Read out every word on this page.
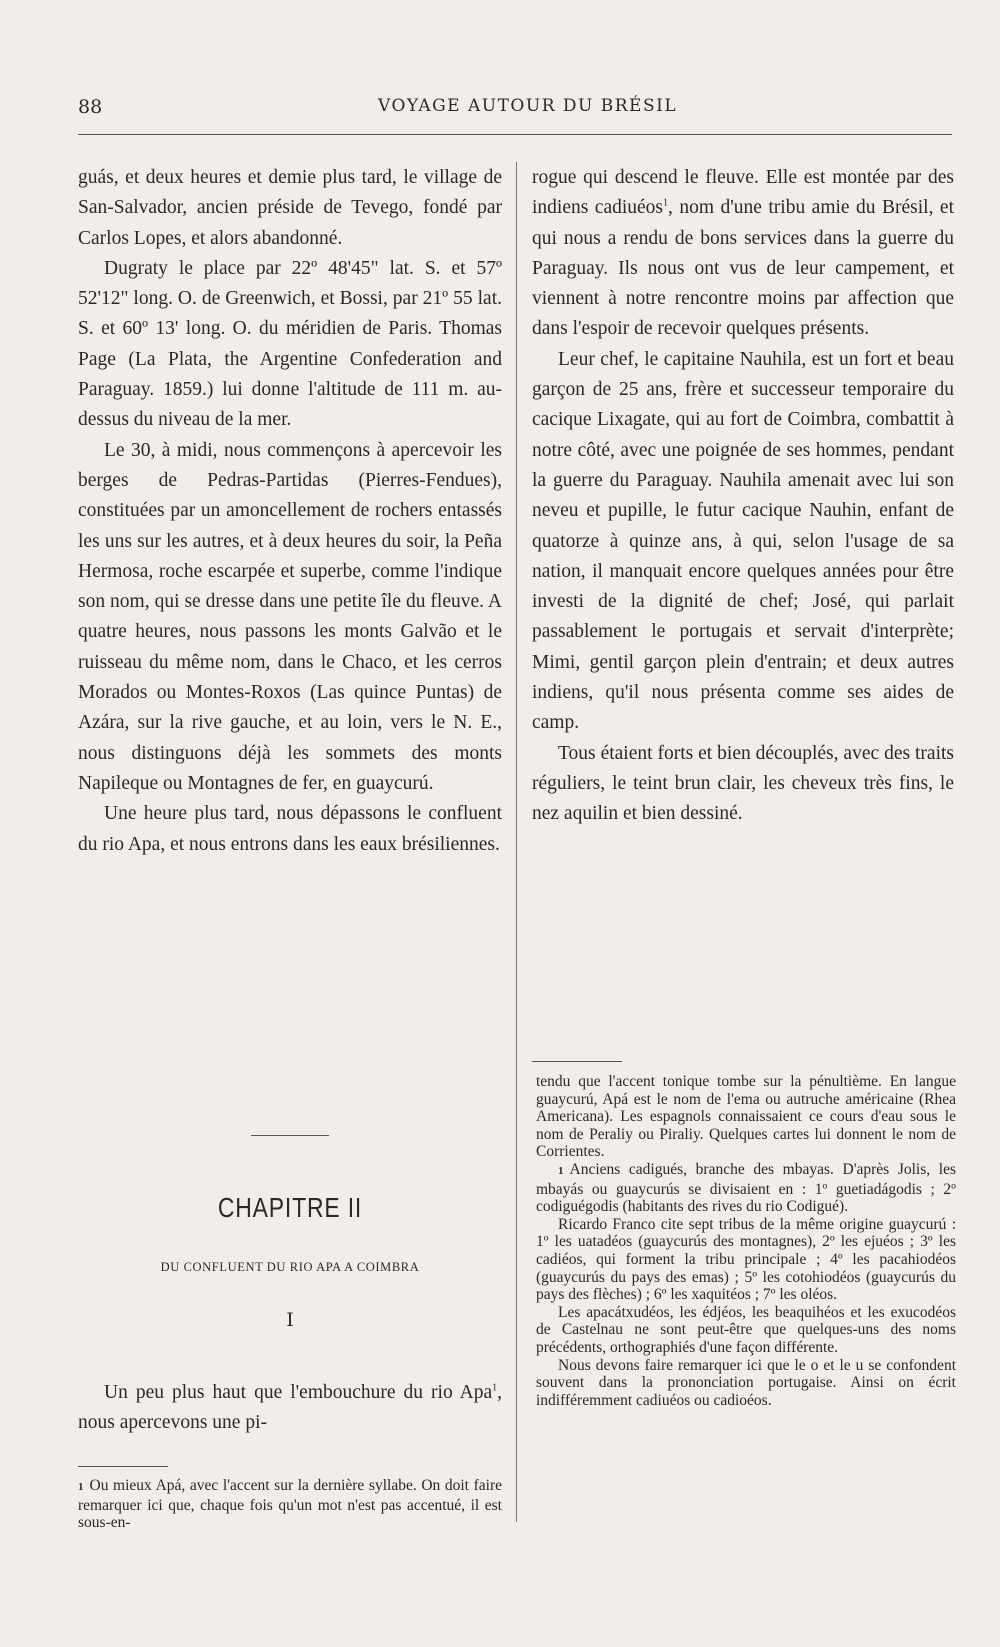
88	VOYAGE AUTOUR DU BRÉSIL

guás, et deux heures et demie plus tard, le village de San-Salvador, ancien préside de Tevego, fondé par Carlos Lopes, et alors abandonné.

Dugraty le place par 22º 48'45" lat. S. et 57º 52'12" long. O. de Greenwich, et Bossi, par 21º 55 lat. S. et 60º 13' long. O. du méridien de Paris. Thomas Page (La Plata, the Argentine Confederation and Paraguay. 1859.) lui donne l'altitude de 111 m. au-dessus du niveau de la mer.

Le 30, à midi, nous commençons à apercevoir les berges de Pedras-Partidas (Pierres-Fendues), constituées par un amoncellement de rochers entassés les uns sur les autres, et à deux heures du soir, la Peña Hermosa, roche escarpée et superbe, comme l'indique son nom, qui se dresse dans une petite île du fleuve. A quatre heures, nous passons les monts Galvão et le ruisseau du même nom, dans le Chaco, et les cerros Morados ou Montes-Roxos (Las quince Puntas) de Azára, sur la rive gauche, et au loin, vers le N. E., nous distinguons déjà les sommets des monts Napileque ou Montagnes de fer, en guaycurú.

Une heure plus tard, nous dépassons le confluent du rio Apa, et nous entrons dans les eaux brésiliennes.

CHAPITRE II
DU CONFLUENT DU RIO APA A COIMBRA
I

Un peu plus haut que l'embouchure du rio Apa$^1$, nous apercevons une pi-

1 Ou mieux Apá, avec l'accent sur la dernière syllabe. On doit faire remarquer ici que, chaque fois qu'un mot n'est pas accentué, il est sous-en-

rogue qui descend le fleuve. Elle est montée par des indiens cadiuéos$^1$, nom d'une tribu amie du Brésil, et qui nous a rendu de bons services dans la guerre du Paraguay. Ils nous ont vus de leur campement, et viennent à notre rencontre moins par affection que dans l'espoir de recevoir quelques présents.

Leur chef, le capitaine Nauhila, est un fort et beau garçon de 25 ans, frère et successeur temporaire du cacique Lixagate, qui au fort de Coimbra, combattit à notre côté, avec une poignée de ses hommes, pendant la guerre du Paraguay. Nauhila amenait avec lui son neveu et pupille, le futur cacique Nauhin, enfant de quatorze à quinze ans, à qui, selon l'usage de sa nation, il manquait encore quelques années pour être investi de la dignité de chef; José, qui parlait passablement le portugais et servait d'interprète; Mimi, gentil garçon plein d'entrain; et deux autres indiens, qu'il nous présenta comme ses aides de camp.

Tous étaient forts et bien découplés, avec des traits réguliers, le teint brun clair, les cheveux très fins, le nez aquilin et bien dessiné.

tendu que l'accent tonique tombe sur la pénultième. En langue guaycurú, Apá est le nom de l'ema ou autruche américaine (Rhea Americana). Les espagnols connaissaient ce cours d'eau sous le nom de Peraliy ou Piraliy. Quelques cartes lui donnent le nom de Corrientes.

1 Anciens cadigués, branche des mbayas. D'après Jolis, les mbayás ou guaycurús se divisaient en : 1º guetiadágodis ; 2º codiguégodis (habitants des rives du rio Codigué).

Ricardo Franco cite sept tribus de la même origine guaycurú : 1º les uatadéos (guaycurús des montagnes), 2º les ejuéos ; 3º les cadiéos, qui forment la tribu principale ; 4º les pacahiodéos (guaycurús du pays des emas) ; 5º les cotohiodéos (guaycurús du pays des flèches) ; 6º les xaquitéos ; 7º les oléos.

Les apacátxudéos, les édjéos, les beaquihéos et les exucodéos de Castelnau ne sont peut-être que quelques-uns des noms précédents, orthographiés d'une façon différente.

Nous devons faire remarquer ici que le o et le u se confondent souvent dans la prononciation portugaise. Ainsi on écrit indifféremment cadiuéos ou cadioéos.
